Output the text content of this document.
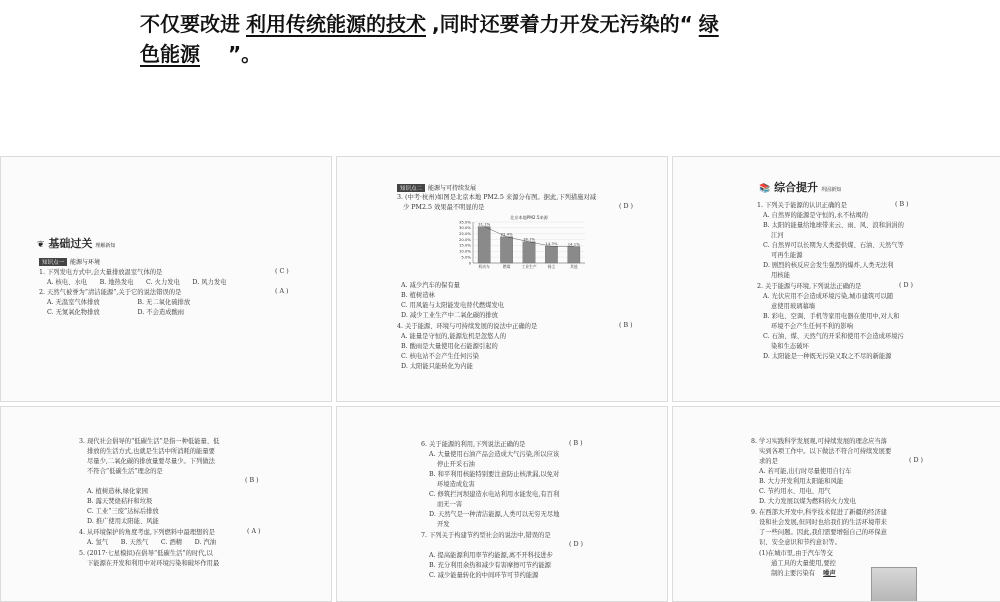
不仅要改进 利用传统能源的技术 ,同时还要着力开发无污染的“ 绿
色能源 ”。
❦ 基础过关 理解新知
知识点一 能源与环境
1. 下列发电方式中,会大量排放温室气体的是	( C )
A. 核电、水电　　B. 地热发电　　C. 火力发电　　D. 风力发电
2. 天然气被誉为“清洁能源”,关于它的说法错误的是	( A )
A. 无温室气体排放　　　　　　B. 无二氧化硫排放
C. 无氮氧化物排放　　　　　　D. 不会造成酸雨
知识点二 能源与可持续发展
3. (中考·杭州)如图是北京本地 PM2.5 来源分布图。据此,下列措施对减
少 PM2.5 效果最不明显的是	( D )
北京本地PM2.5来源
0
5.0%
10.0%
15.0%
20.0%
25.0%
30.0%
35.0% 31.1%
机动车
22.4%
燃煤
18.1%
工业生产
14.3%
扬尘
14.1%
其他
A. 减少汽车的保有量
B. 植树造林
C. 用风能与太阳能发电替代燃煤发电
D. 减少工业生产中二氧化碳的排放
4. 关于能源、环境与可持续发展的说法中正确的是	( B )
A. 能量是守恒的,能源危机是忽悠人的
B. 酸雨是大量使用化石能源引起的
C. 核电站不会产生任何污染
D. 太阳能只能转化为内能
📚 综合提升 巩固新知
1. 下列关于能源的认识正确的是	( B )
A. 自然界的能源是守恒的,永不枯竭的
B. 太阳的能量给地球带来云、雨、风、浪和涓涓的
江河
C. 自然界可以长期为人类提供煤、石油、天然气等
可再生能源
D. 剧烈的核反应会发生强烈的爆炸,人类无法利
用核能
2. 关于能源与环境,下列说法正确的是	( D )
A. 光伏应用不会造成环境污染,城市建筑可以随
意使用玻璃幕墙
B. 彩电、空调、手机等家用电器在使用中,对人和
环境不会产生任何不利的影响
C. 石油、煤、天然气的开采和使用不会造成环境污
染和生态破坏
D. 太阳能是一种既无污染又取之不尽的新能源
3. 现代社会倡导的“低碳生活”是指一种低能量、低
排放的生活方式,也就是生活中所消耗的能量要
尽量少,二氧化碳的排放量要尽量少。下列做法
不符合“低碳生活”理念的是
( B )
A. 植树造林,绿化家园
B. 露天焚烧秸秆和垃圾
C. 工业“三废”达标后排放
D. 推广使用太阳能、风能
4. 从环境保护的角度考虑,下列燃料中最理想的是	( A )
A. 氢气　　B. 天然气　　C. 酒精　　D. 汽油
5. (2017·七星模拟)在倡导“低碳生活”的时代,以
下能源在开发和利用中对环境污染和破坏作用最
6. 关于能源的利用,下列说法正确的是	( B )
A. 大量使用石油产品会造成大气污染,所以应该
停止开采石油
B. 和平利用核能特别要注意防止核泄漏,以免对
环境造成危害
C. 修筑拦河坝建造水电站利用水能发电,有百利
而无一害
D. 天然气是一种清洁能源,人类可以无穷无尽地
开发
7. 下列关于构建节约型社会的说法中,错误的是
( D )
A. 提高能源利用率节约能源,离不开科技进步
B. 充分利用余热和减少有害摩擦可节约能源
C. 减少能量转化的中间环节可节约能源
8. 学习实践科学发展观,可持续发展的理念应当落
实到各项工作中。以下做法不符合可持续发展要
求的是	( D )
A. 若可能,出行时尽量使用自行车
B. 大力开发利用太阳能和风能
C. 节约用水、用电、用气
D. 大力发展以煤为燃料的火力发电
9. 在西部大开发中,科学技术促进了新疆的经济建
设和社会发展,但同时也给我们的生活环境带来
了一些问题。因此,我们需要增强自己的环保意
识、安全意识和节约意识等。
(1)在城市里,由于汽车等交
通工具的大量使用,要控
制的主要污染有 噪声
